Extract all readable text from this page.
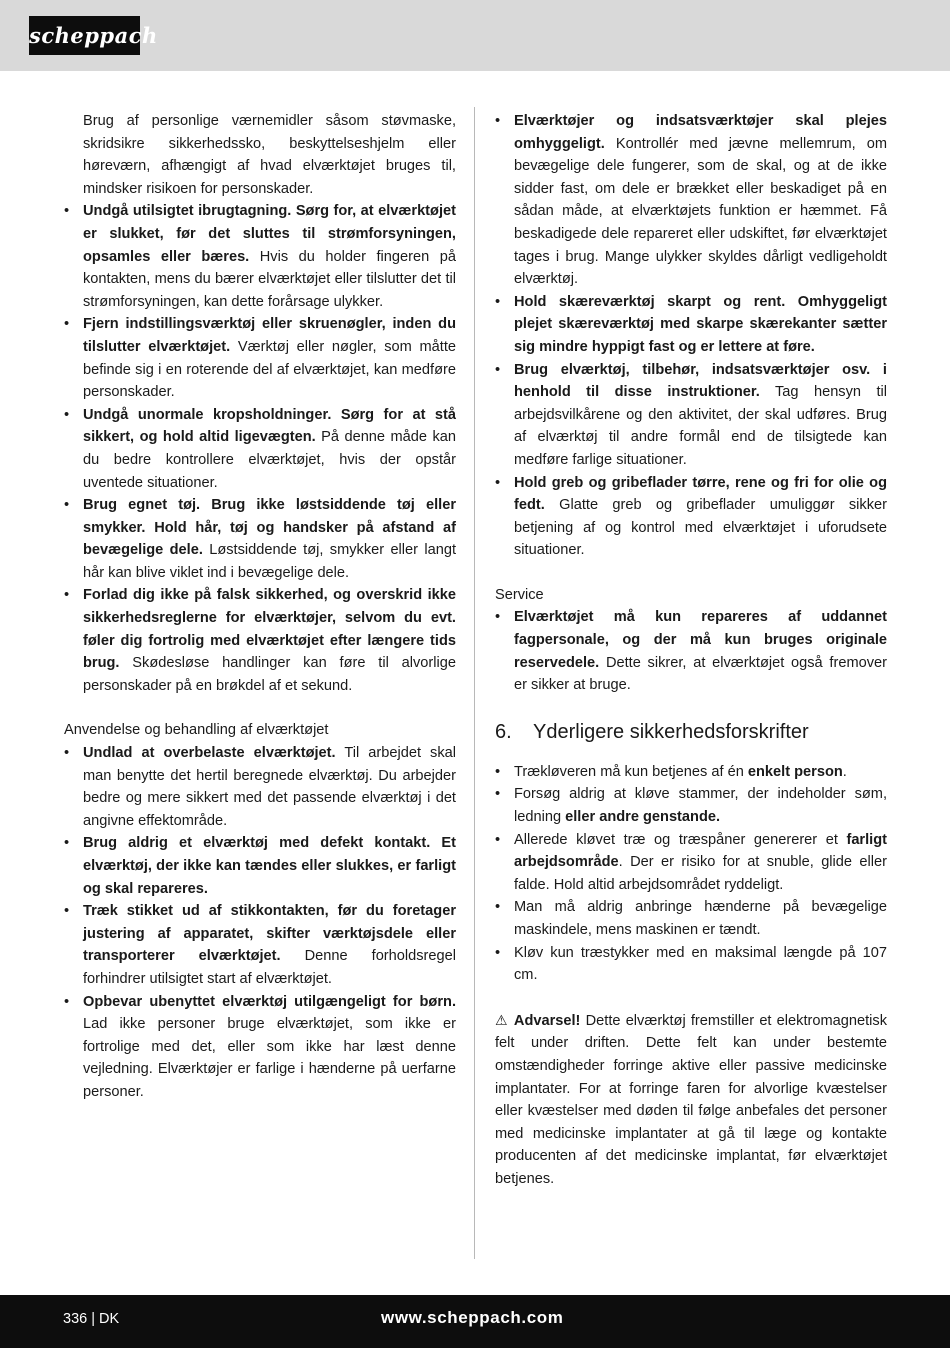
scheppach
Brug af personlige værnemidler såsom støvmaske, skridsikre sikkerhedssko, beskyttelseshjelm eller høreværn, afhængigt af hvad elværktøjet bruges til, mindsker risikoen for personskader.
• Undgå utilsigtet ibrugtagning. Sørg for, at elværktøjet er slukket, før det sluttes til strømforsyningen, opsamles eller bæres. Hvis du holder fingeren på kontakten, mens du bærer elværktøjet eller tilslutter det til strømforsyningen, kan dette forårsage ulykker.
• Fjern indstillingsværktøj eller skruenøgler, inden du tilslutter elværktøjet. Værktøj eller nøgler, som måtte befinde sig i en roterende del af elværktøjet, kan medføre personskader.
• Undgå unormale kropsholdninger. Sørg for at stå sikkert, og hold altid ligevægten. På denne måde kan du bedre kontrollere elværktøjet, hvis der opstår uventede situationer.
• Brug egnet tøj. Brug ikke løstsiddende tøj eller smykker. Hold hår, tøj og handsker på afstand af bevægelige dele. Løstsiddende tøj, smykker eller langt hår kan blive viklet ind i bevægelige dele.
• Forlad dig ikke på falsk sikkerhed, og overskrid ikke sikkerhedsreglerne for elværktøjer, selvom du evt. føler dig fortrolig med elværktøjet efter længere tids brug. Skødesløse handlinger kan føre til alvorlige personskader på en brøkdel af et sekund.
Anvendelse og behandling af elværktøjet
• Undlad at overbelaste elværktøjet. Til arbejdet skal man benytte det hertil beregnede elværktøj. Du arbejder bedre og mere sikkert med det passende elværktøj i det angivne effektområde.
• Brug aldrig et elværktøj med defekt kontakt. Et elværktøj, der ikke kan tændes eller slukkes, er farligt og skal repareres.
• Træk stikket ud af stikkontakten, før du foretager justering af apparatet, skifter værktøjsdele eller transporterer elværktøjet. Denne forholdsregel forhindrer utilsigtet start af elværktøjet.
• Opbevar ubenyttet elværktøj utilgængeligt for børn. Lad ikke personer bruge elværktøjet, som ikke er fortrolige med det, eller som ikke har læst denne vejledning. Elværktøjer er farlige i hænderne på uerfarne personer.
• Elværktøjer og indsatsværktøjer skal plejes omhyggeligt. Kontrollér med jævne mellemrum, om bevægelige dele fungerer, som de skal, og at de ikke sidder fast, om dele er brækket eller beskadiget på en sådan måde, at elværktøjets funktion er hæmmet. Få beskadigede dele repareret eller udskiftet, før elværktøjet tages i brug. Mange ulykker skyldes dårligt vedligeholdt elværktøj.
• Hold skæreværktøj skarpt og rent. Omhyggeligt plejet skæreværktøj med skarpe skærekanter sætter sig mindre hyppigt fast og er lettere at føre.
• Brug elværktøj, tilbehør, indsatsværktøjer osv. i henhold til disse instruktioner. Tag hensyn til arbejdsvilkårene og den aktivitet, der skal udføres. Brug af elværktøj til andre formål end de tilsigtede kan medføre farlige situationer.
• Hold greb og gribeflader tørre, rene og fri for olie og fedt. Glatte greb og gribeflader umuliggør sikker betjening af og kontrol med elværktøjet i uforudsete situationer.
Service
• Elværktøjet må kun repareres af uddannet fagpersonale, og der må kun bruges originale reservedele. Dette sikrer, at elværktøjet også fremover er sikker at bruge.
6. Yderligere sikkerhedsforskrifter
• Trækløveren må kun betjenes af én enkelt person.
• Forsøg aldrig at kløve stammer, der indeholder søm, ledning eller andre genstande.
• Allerede kløvet træ og træspåner genererer et farligt arbejdsområde. Der er risiko for at snuble, glide eller falde. Hold altid arbejdsområdet ryddeligt.
• Man må aldrig anbringe hænderne på bevægelige maskindele, mens maskinen er tændt.
• Kløv kun træstykker med en maksimal længde på 107 cm.
⚠ Advarsel! Dette elværktøj fremstiller et elektromagnetisk felt under driften. Dette felt kan under bestemte omstændigheder forringe aktive eller passive medicinske implantater. For at forringe faren for alvorlige kvæstelser eller kvæstelser med døden til følge anbefales det personer med medicinske implantater at gå til læge og kontakte producenten af det medicinske implantat, før elværktøjet betjenes.
336 | DK	www.scheppach.com
